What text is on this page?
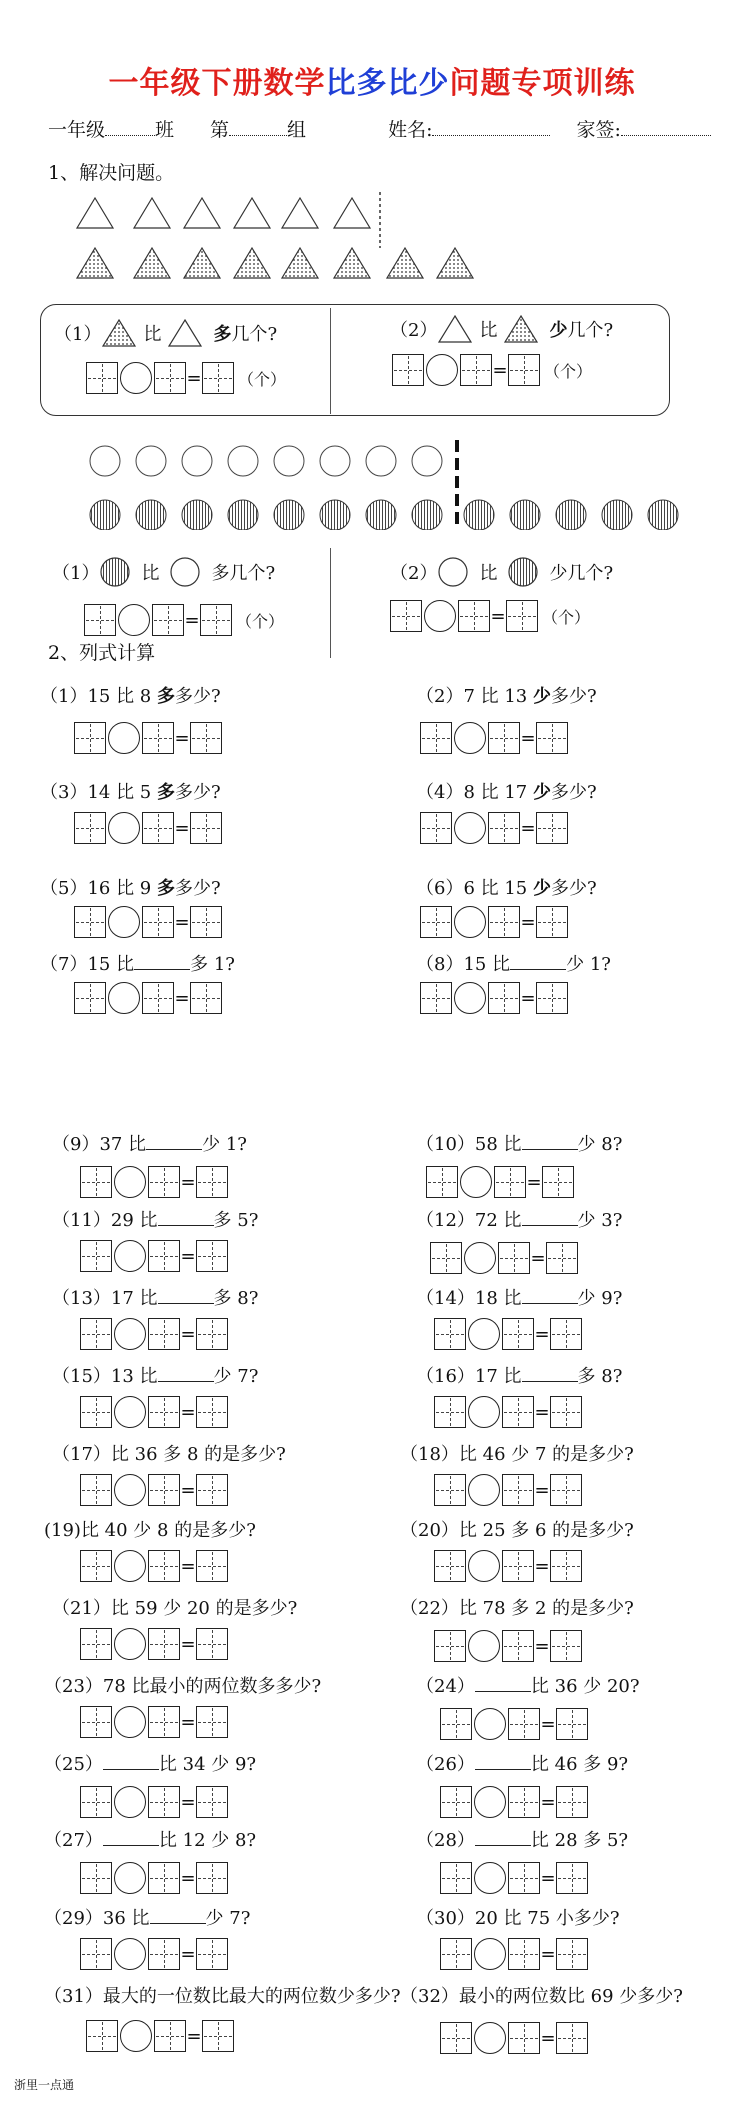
一年级下册数学比多比少问题专项训练
一年级	班 第	组	姓名:	家签:
1、解决问题。
（1） 比	多 几个?
= （个）
（2） 比	少 几个?
= （个）
（1） 比	多几个?
= （个）
（2） 比	少几个?
= （个）
2、列式计算
（1）15 比 8 多多少?
=
（2）7 比 13 少多少?
=
（3）14 比 5 多多少?
=
（4）8 比 17 少多少?
=
（5）16 比 9 多多少?
=
（6）6 比 15 少多少?
=
（7）15 比	多 1?
=
（8）15 比	少 1?
=
（9）37 比	少 1?
=
（10）58 比	少 8?
=
（11）29 比	多 5?
=
（12）72 比	少 3?
=
（13）17 比	多 8?
=
（14）18 比	少 9?
=
（15）13 比	少 7?
=
（16）17 比	多 8?
=
（17）比 36 多 8 的是多少?
=
（18）比 46 少 7 的是多少?
=
(19)比 40 少 8 的是多少?
=
（20）比 25 多 6 的是多少?
=
（21）比 59 少 20 的是多少?
=
（22）比 78 多 2 的是多少?
=
（23）78 比最小的两位数多多少?
=
（24）	比 36 少 20?
=
（25）	比 34 少 9?
=
（26）	比 46 多 9?
=
（27）	比 12 少 8?
=
（28）	比 28 多 5?
=
（29）36 比	少 7?
=
（30）20 比 75 小多少?
=
（31）最大的一位数比最大的两位数少多少?
=
（32）最小的两位数比 69 少多少?
=
浙里一点通
